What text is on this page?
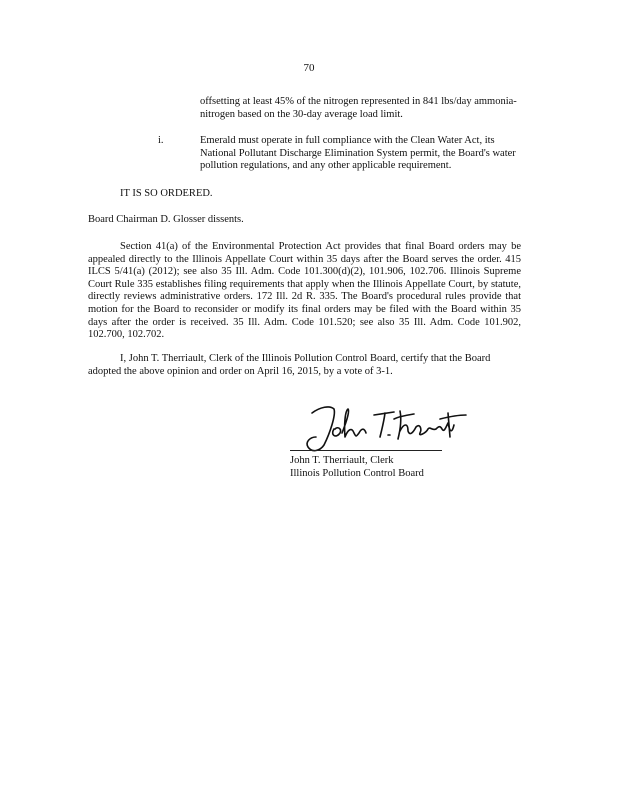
70

offsetting at least 45% of the nitrogen represented in 841 lbs/day ammonia-nitrogen based on the 30-day average load limit.

i.	Emerald must operate in full compliance with the Clean Water Act, its National Pollutant Discharge Elimination System permit, the Board's water pollution regulations, and any other applicable requirement.

IT IS SO ORDERED.

Board Chairman D. Glosser dissents.

Section 41(a) of the Environmental Protection Act provides that final Board orders may be appealed directly to the Illinois Appellate Court within 35 days after the Board serves the order. 415 ILCS 5/41(a) (2012); see also 35 Ill. Adm. Code 101.300(d)(2), 101.906, 102.706. Illinois Supreme Court Rule 335 establishes filing requirements that apply when the Illinois Appellate Court, by statute, directly reviews administrative orders. 172 Ill. 2d R. 335. The Board's procedural rules provide that motion for the Board to reconsider or modify its final orders may be filed with the Board within 35 days after the order is received. 35 Ill. Adm. Code 101.520; see also 35 Ill. Adm. Code 101.902, 102.700, 102.702.

I, John T. Therriault, Clerk of the Illinois Pollution Control Board, certify that the Board adopted the above opinion and order on April 16, 2015, by a vote of 3-1.

John T. Therriault, Clerk

Illinois Pollution Control Board
